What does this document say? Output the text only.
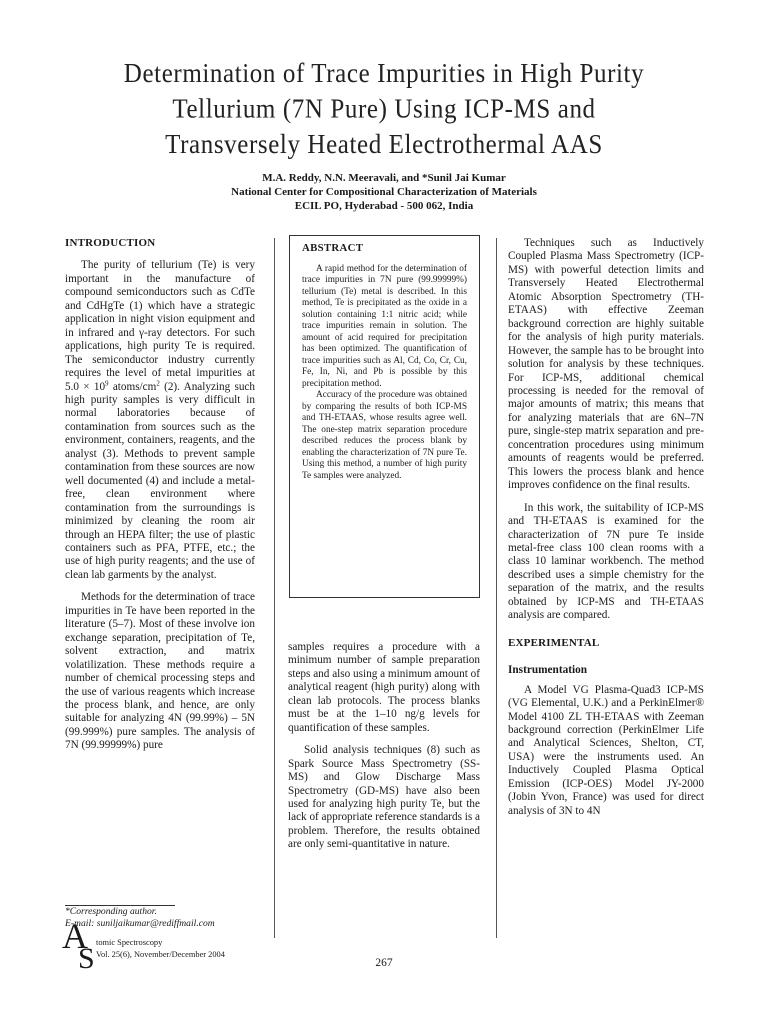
Determination of Trace Impurities in High Purity
Tellurium (7N Pure) Using ICP-MS and
Transversely Heated Electrothermal AAS
M.A. Reddy, N.N. Meeravali, and *Sunil Jai Kumar
National Center for Compositional Characterization of Materials
ECIL PO, Hyderabad - 500 062, India
INTRODUCTION

The purity of tellurium (Te) is very important in the manufacture of compound semiconductors such as CdTe and CdHgTe (1) which have a strategic application in night vision equipment and in infrared and γ-ray detectors. For such applications, high purity Te is required. The semiconductor industry currently requires the level of metal impurities at $5.0 \times 10^9$ atoms/$cm^2$ (2). Analyzing such high purity samples is very difficult in normal laboratories because of contamination from sources such as the environment, containers, reagents, and the analyst (3). Methods to prevent sample contamination from these sources are now well documented (4) and include a metal-free, clean environment where contamination from the surroundings is minimized by cleaning the room air through an HEPA filter; the use of plastic containers such as PFA, PTFE, etc.; the use of high purity reagents; and the use of clean lab garments by the analyst.

Methods for the determination of trace impurities in Te have been reported in the literature (5–7). Most of these involve ion exchange separation, precipitation of Te, solvent extraction, and matrix volatilization. These methods require a number of chemical processing steps and the use of various reagents which increase the process blank, and hence, are only suitable for analyzing 4N (99.99%) – 5N (99.999%) pure samples. The analysis of 7N (99.99999%) pure

ABSTRACT

A rapid method for the determination of trace impurities in 7N pure (99.99999%) tellurium (Te) metal is described. In this method, Te is precipitated as the oxide in a solution containing 1:1 nitric acid; while trace impurities remain in solution. The amount of acid required for precipitation has been optimized. The quantification of trace impurities such as Al, Cd, Co, Cr, Cu, Fe, In, Ni, and Pb is possible by this precipitation method.

Accuracy of the procedure was obtained by comparing the results of both ICP-MS and TH-ETAAS, whose results agree well. The one-step matrix separation procedure described reduces the process blank by enabling the characterization of 7N pure Te. Using this method, a number of high purity Te samples were analyzed.

samples requires a procedure with a minimum number of sample preparation steps and also using a minimum amount of analytical reagent (high purity) along with clean lab protocols. The process blanks must be at the 1–10 ng/g levels for quantification of these samples.

Solid analysis techniques (8) such as Spark Source Mass Spectrometry (SS-MS) and Glow Discharge Mass Spectrometry (GD-MS) have also been used for analyzing high purity Te, but the lack of appropriate reference standards is a problem. Therefore, the results obtained are only semi-quantitative in nature.

Techniques such as Inductively Coupled Plasma Mass Spectrometry (ICP-MS) with powerful detection limits and Transversely Heated Electrothermal Atomic Absorption Spectrometry (TH-ETAAS) with effective Zeeman background correction are highly suitable for the analysis of high purity materials. However, the sample has to be brought into solution for analysis by these techniques. For ICP-MS, additional chemical processing is needed for the removal of major amounts of matrix; this means that for analyzing materials that are 6N–7N pure, single-step matrix separation and pre-concentration procedures using minimum amounts of reagents would be preferred. This lowers the process blank and hence improves confidence on the final results.

In this work, the suitability of ICP-MS and TH-ETAAS is examined for the characterization of 7N pure Te inside metal-free class 100 clean rooms with a class 10 laminar workbench. The method described uses a simple chemistry for the separation of the matrix, and the results obtained by ICP-MS and TH-ETAAS analysis are compared.

EXPERIMENTAL
Instrumentation

A Model VG Plasma-Quad3 ICP-MS (VG Elemental, U.K.) and a PerkinElmer® Model 4100 ZL TH-ETAAS with Zeeman background correction (PerkinElmer Life and Analytical Sciences, Shelton, CT, USA) were the instruments used. An Inductively Coupled Plasma Optical Emission (ICP-OES) Model JY-2000 (Jobin Yvon, France) was used for direct analysis of 3N to 4N

*Corresponding author.
E-mail: suniljaikumar@rediffmail.com
A
S tomic Spectroscopy
Vol. 25(6), November/December 2004
267
